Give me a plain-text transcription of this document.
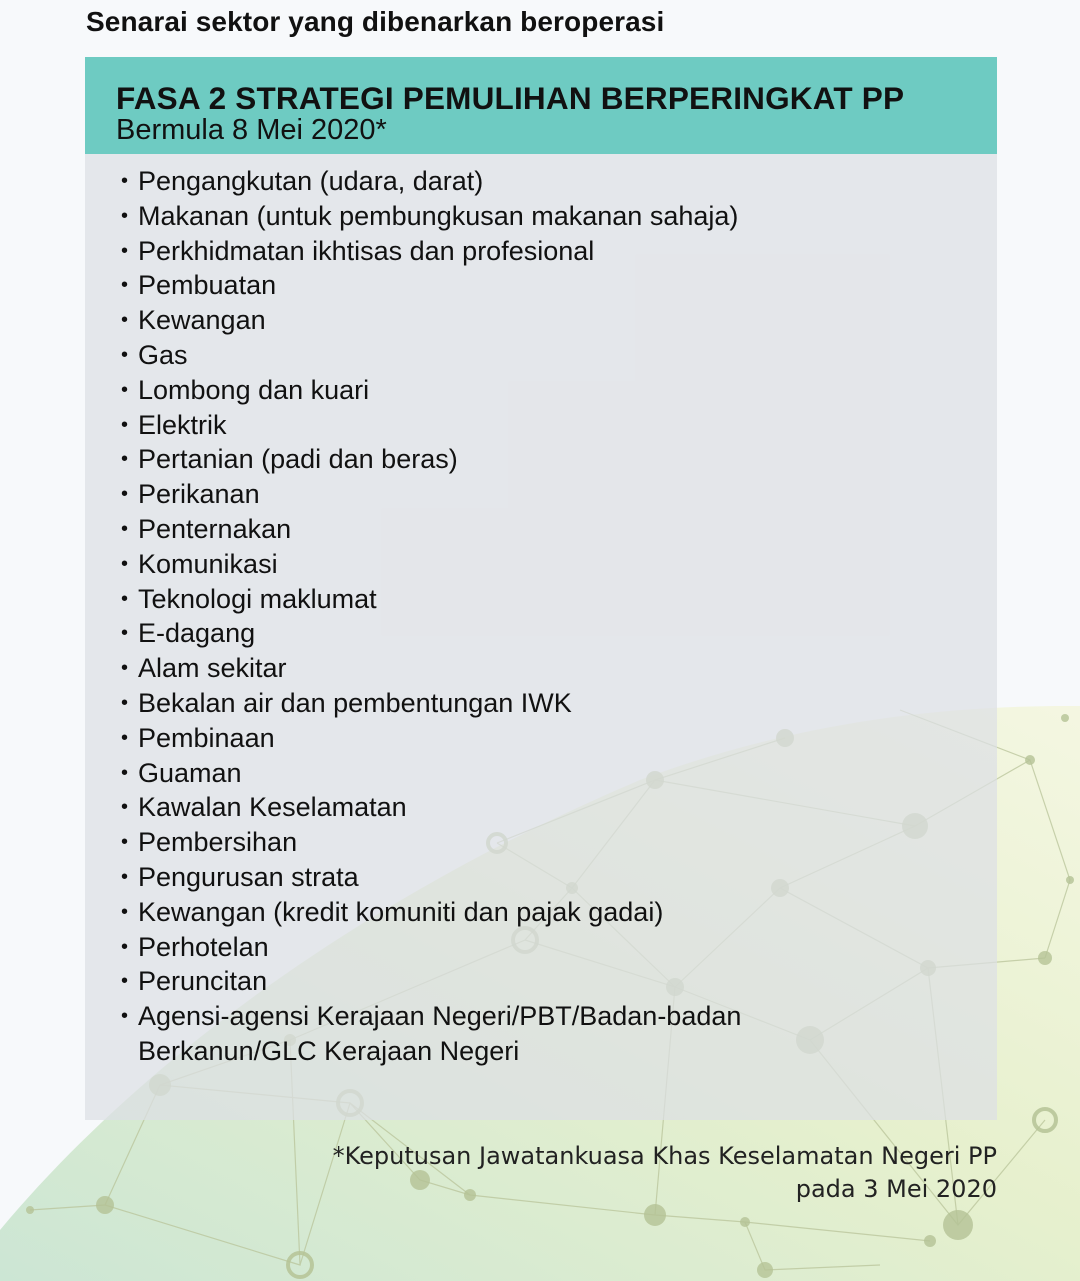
Senarai sektor yang dibenarkan beroperasi
FASA 2 STRATEGI PEMULIHAN BERPERINGKAT PP
Bermula 8 Mei 2020*
• Pengangkutan (udara, darat)
• Makanan (untuk pembungkusan makanan sahaja)
• Perkhidmatan ikhtisas dan profesional
• Pembuatan
• Kewangan
• Gas
• Lombong dan kuari
• Elektrik
• Pertanian (padi dan beras)
• Perikanan
• Penternakan
• Komunikasi
• Teknologi maklumat
• E-dagang
• Alam sekitar
• Bekalan air dan pembentungan IWK
• Pembinaan
• Guaman
• Kawalan Keselamatan
• Pembersihan
• Pengurusan strata
• Kewangan (kredit komuniti dan pajak gadai)
• Perhotelan
• Peruncitan
• Agensi-agensi Kerajaan Negeri/PBT/Badan-badan Berkanun/GLC Kerajaan Negeri
*Keputusan Jawatankuasa Khas Keselamatan Negeri PP
pada 3 Mei 2020
